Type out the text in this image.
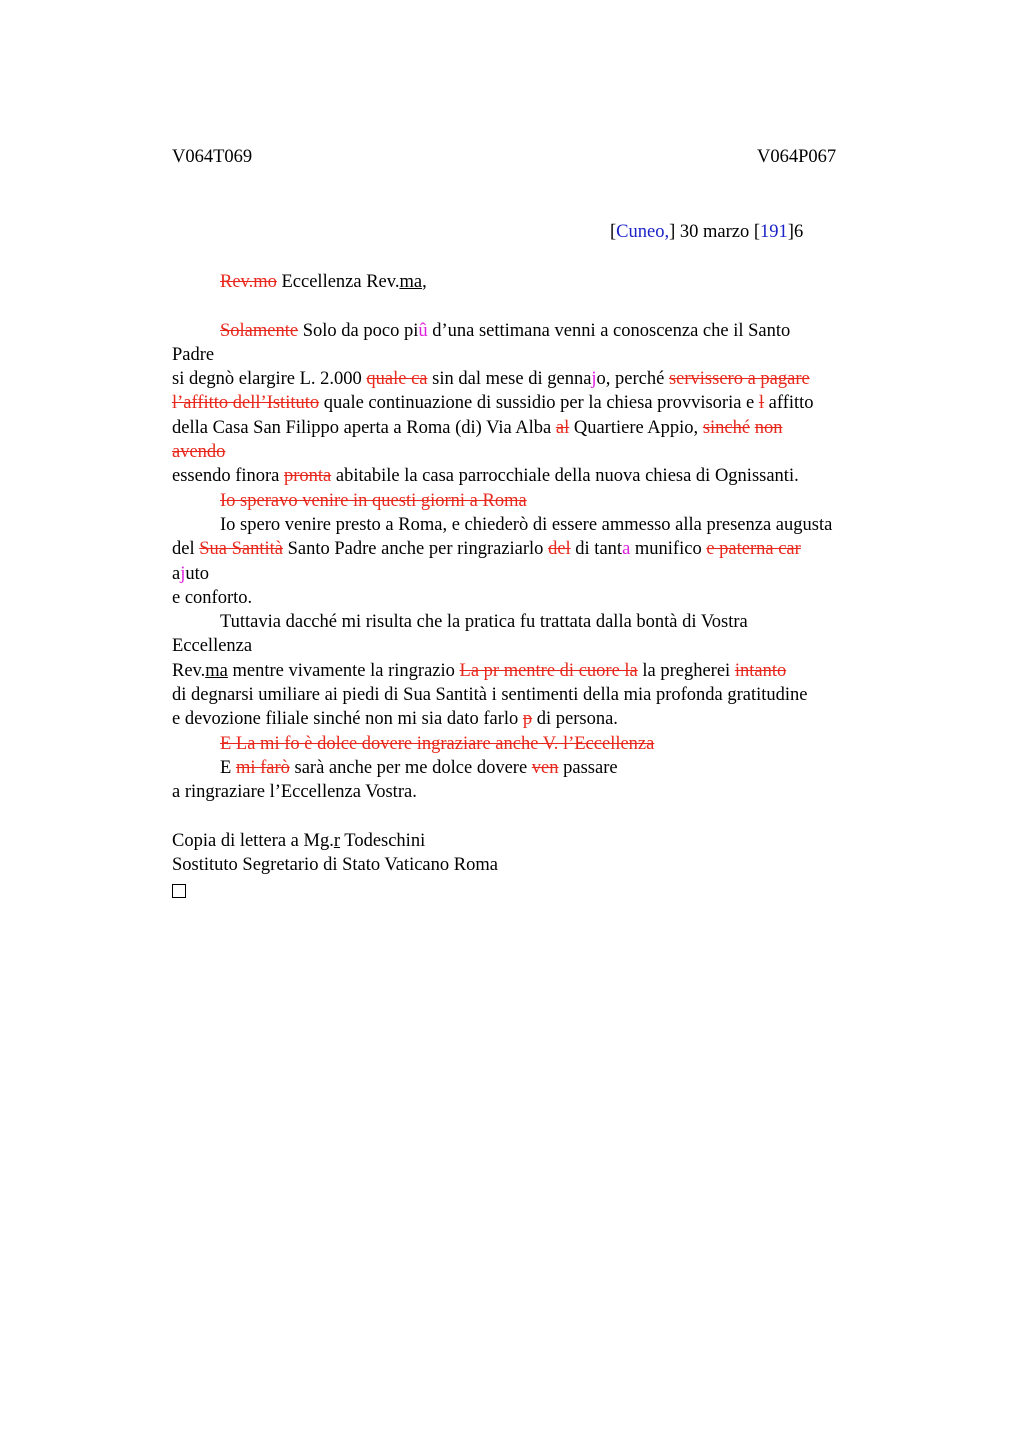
V064T069	V064P067
[Cuneo,] 30 marzo [191]6
Rev.mo Eccellenza Rev.ma,
Solamente Solo da poco piû d’una settimana venni a conoscenza che il Santo
Padre
si degnò elargire L. 2.000 quale ca sin dal mese di gennajo, perché servissero a pagare
l’affitto dell’Istituto quale continuazione di sussidio per la chiesa provvisoria e l affitto
della Casa San Filippo aperta a Roma (di) Via Alba al Quartiere Appio, sinché non
avendo
essendo finora pronta abitabile la casa parrocchiale della nuova chiesa di Ognissanti.
Io speravo venire in questi giorni a Roma
Io spero venire presto a Roma, e chiederò di essere ammesso alla presenza augusta
del Sua Santità Santo Padre anche per ringraziarlo del di tanta munifico e paterna car
ajuto
e conforto.
Tuttavia dacché mi risulta che la pratica fu trattata dalla bontà di Vostra
Eccellenza
Rev.ma mentre vivamente la ringrazio La pr mentre di cuore la la pregherei intanto
di degnarsi umiliare ai piedi di Sua Santità i sentimenti della mia profonda gratitudine
e devozione filiale sinché non mi sia dato farlo p di persona.
E La mi fo è dolce dovere ingraziare anche V. l’Eccellenza
E mi farò sarà anche per me dolce dovere ven passare
a ringraziare l’Eccellenza Vostra.
Copia di lettera a Mg.r Todeschini
Sostituto Segretario di Stato Vaticano Roma
